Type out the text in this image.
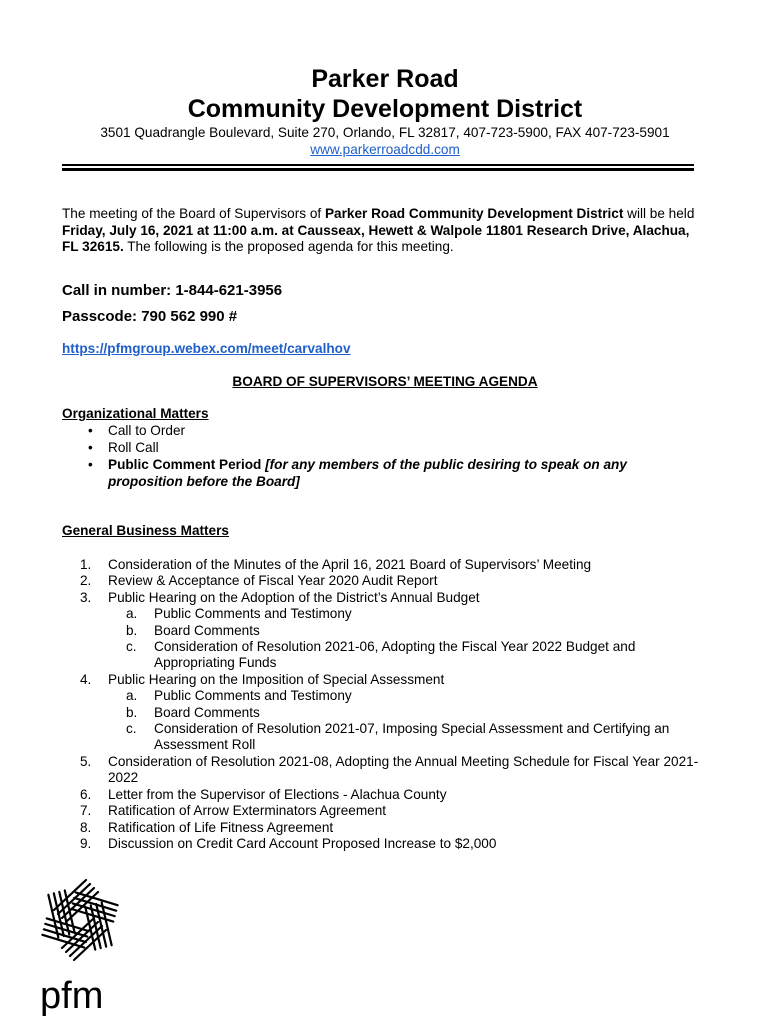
Parker Road
Community Development District
3501 Quadrangle Boulevard, Suite 270, Orlando, FL 32817, 407-723-5900, FAX 407-723-5901
www.parkerroadcdd.com
The meeting of the Board of Supervisors of Parker Road Community Development District will be held Friday, July 16, 2021 at 11:00 a.m. at Causseax, Hewett & Walpole 11801 Research Drive, Alachua, FL 32615. The following is the proposed agenda for this meeting.
Call in number: 1-844-621-3956
Passcode: 790 562 990 #
https://pfmgroup.webex.com/meet/carvalhov
BOARD OF SUPERVISORS’ MEETING AGENDA
Organizational Matters
• Call to Order
• Roll Call
• Public Comment Period [for any members of the public desiring to speak on any proposition before the Board]
General Business Matters
1.	Consideration of the Minutes of the April 16, 2021 Board of Supervisors’ Meeting
2.	Review & Acceptance of Fiscal Year 2020 Audit Report
3.	Public Hearing on the Adoption of the District’s Annual Budget
a.	Public Comments and Testimony
b.	Board Comments
c.	Consideration of Resolution 2021-06, Adopting the Fiscal Year 2022 Budget and Appropriating Funds
4.	Public Hearing on the Imposition of Special Assessment
a.	Public Comments and Testimony
b.	Board Comments
c.	Consideration of Resolution 2021-07, Imposing Special Assessment and Certifying an Assessment Roll
5.	Consideration of Resolution 2021-08, Adopting the Annual Meeting Schedule for Fiscal Year 2021-2022
6.	Letter from the Supervisor of Elections - Alachua County
7.	Ratification of Arrow Exterminators Agreement
8.	Ratification of Life Fitness Agreement
9.	Discussion on Credit Card Account Proposed Increase to $2,000
pfm
